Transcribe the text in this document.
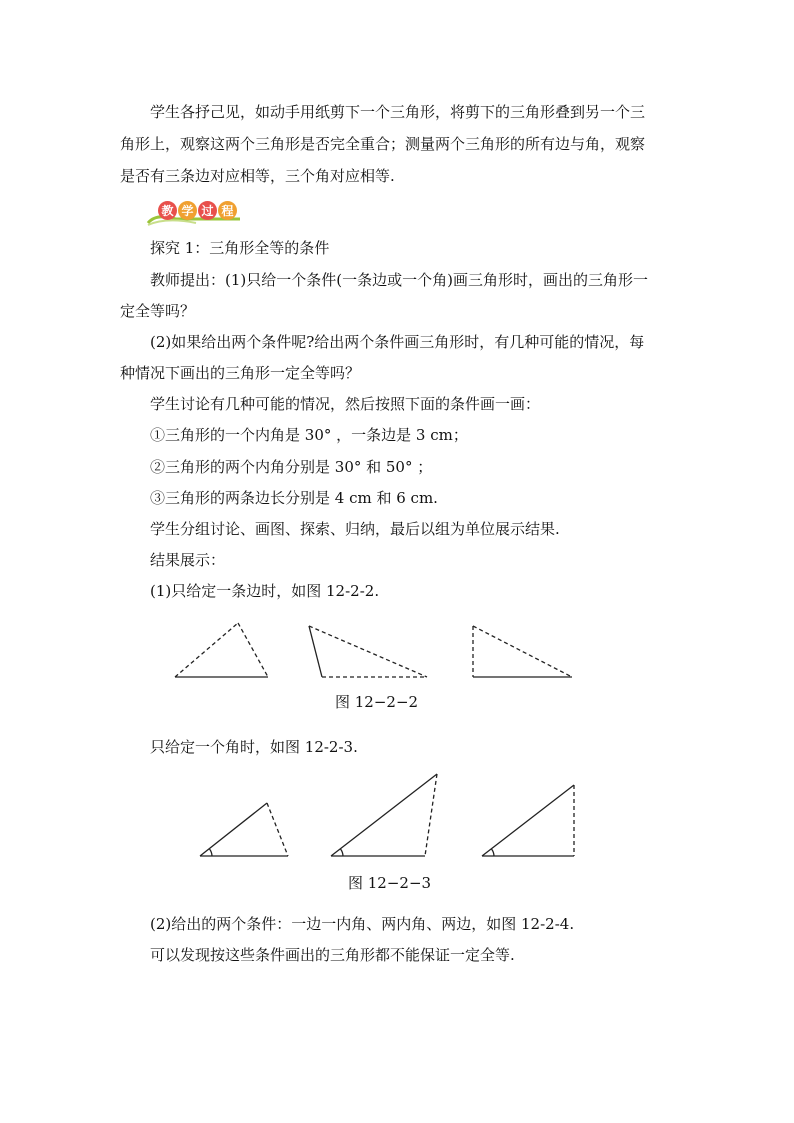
学生各抒己见，如动手用纸剪下一个三角形，将剪下的三角形叠到另一个三
角形上，观察这两个三角形是否完全重合；测量两个三角形的所有边与角，观察
是否有三条边对应相等，三个角对应相等.
教 学 过 程
探究 1：三角形全等的条件
教师提出：(1)只给一个条件(一条边或一个角)画三角形时，画出的三角形一
定全等吗？
(2)如果给出两个条件呢?给出两个条件画三角形时，有几种可能的情况，每
种情况下画出的三角形一定全等吗？
学生讨论有几种可能的情况，然后按照下面的条件画一画：
①三角形的一个内角是 30° ，一条边是 3 cm；
②三角形的两个内角分别是 30° 和 50° ；
③三角形的两条边长分别是 4 cm 和 6 cm.
学生分组讨论、画图、探索、归纳，最后以组为单位展示结果.
结果展示：
(1)只给定一条边时，如图 12-2-2.
图 12−2−2
只给定一个角时，如图 12-2-3.
图 12−2−3
(2)给出的两个条件：一边一内角、两内角、两边，如图 12-2-4.
可以发现按这些条件画出的三角形都不能保证一定全等.
